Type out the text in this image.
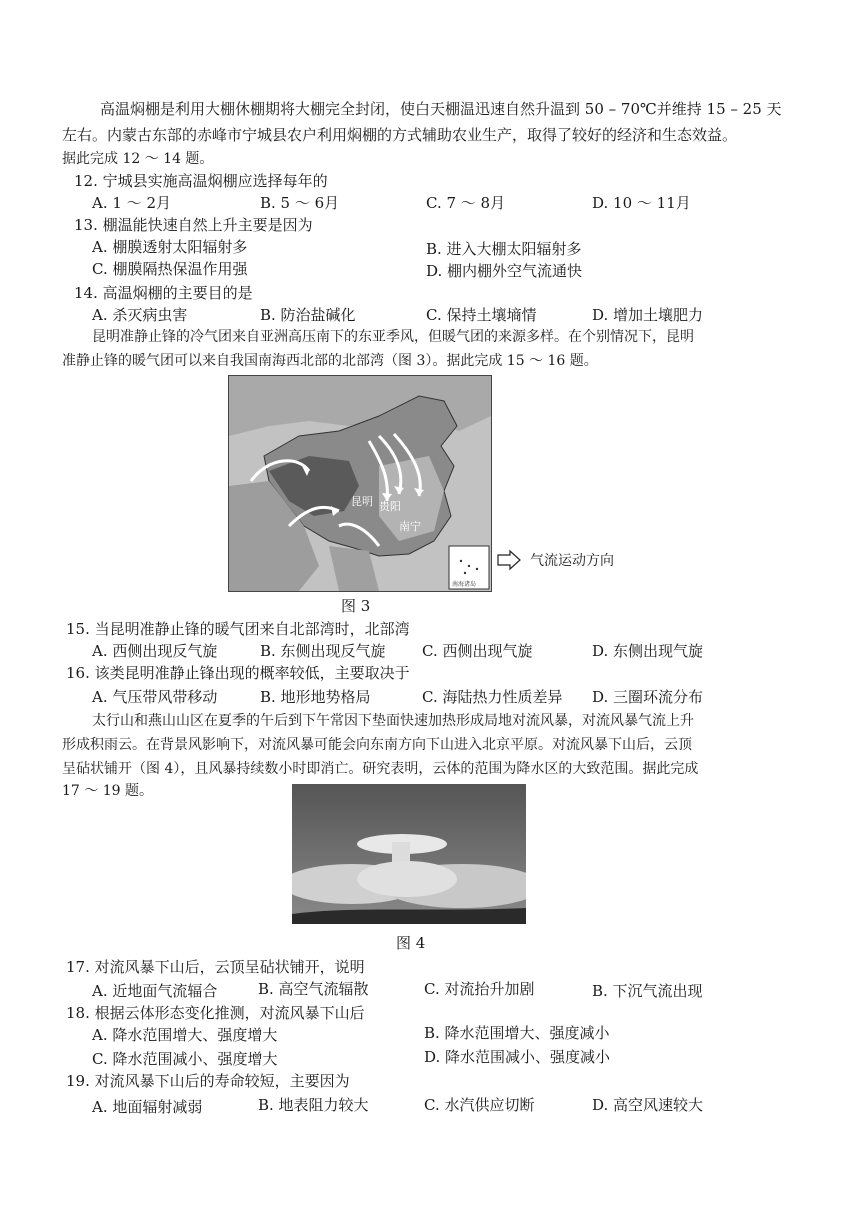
高温焖棚是利用大棚休棚期将大棚完全封闭，使白天棚温迅速自然升温到 50 – 70℃并维持 15 – 25 天
左右。内蒙古东部的赤峰市宁城县农户利用焖棚的方式辅助农业生产，取得了较好的经济和生态效益。
据此完成 12 ～ 14 题。
12. 宁城县实施高温焖棚应选择每年的
A. 1 ～ 2月	B. 5 ～ 6月	C. 7 ～ 8月	D. 10 ～ 11月
13. 棚温能快速自然上升主要是因为
A. 棚膜透射太阳辐射多	B. 进入大棚太阳辐射多
C. 棚膜隔热保温作用强	D. 棚内棚外空气流通快
14. 高温焖棚的主要目的是
A. 杀灭病虫害	B. 防治盐碱化	C. 保持土壤墒情	D. 增加土壤肥力
昆明准静止锋的冷气团来自亚洲高压南下的东亚季风，但暖气团的来源多样。在个别情况下，昆明
准静止锋的暖气团可以来自我国南海西北部的北部湾（图 3）。据此完成 15 ～ 16 题。
昆明 贵阳
南宁
南海诸岛
气流运动方向
图 3
15. 当昆明准静止锋的暖气团来自北部湾时，北部湾
A. 西侧出现反气旋	B. 东侧出现反气旋 C. 西侧出现气旋	D. 东侧出现气旋
16. 该类昆明准静止锋出现的概率较低，主要取决于
A. 气压带风带移动	B. 地形地势格局	C. 海陆热力性质差异 D. 三圈环流分布
太行山和燕山山区在夏季的午后到下午常因下垫面快速加热形成局地对流风暴，对流风暴气流上升
形成积雨云。在背景风影响下，对流风暴可能会向东南方向下山进入北京平原。对流风暴下山后，云顶
呈砧状铺开（图 4），且风暴持续数小时即消亡。研究表明，云体的范围为降水区的大致范围。据此完成
17 ～ 19 题。
图 4
17. 对流风暴下山后，云顶呈砧状铺开，说明
A. 近地面气流辐合	B. 高空气流辐散	C. 对流抬升加剧	B. 下沉气流出现
18. 根据云体形态变化推测，对流风暴下山后
A. 降水范围增大、强度增大	B. 降水范围增大、强度减小
C. 降水范围减小、强度增大	D. 降水范围减小、强度减小
19. 对流风暴下山后的寿命较短，主要因为
A. 地面辐射减弱	B. 地表阻力较大	C. 水汽供应切断	D. 高空风速较大
